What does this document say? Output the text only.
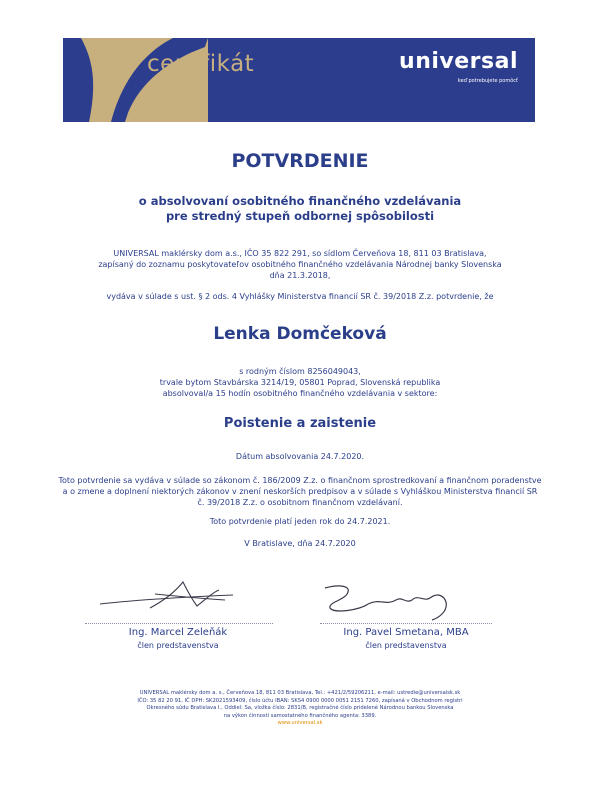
certifikát	universal
keď potrebujete pomôcť
POTVRDENIE
o absolvovaní osobitného finančného vzdelávania
pre stredný stupeň odbornej spôsobilosti
UNIVERSAL maklérsky dom a.s., IČO 35 822 291, so sídlom Červeňova 18, 811 03 Bratislava,
zapísaný do zoznamu poskytovateľov osobitného finančného vzdelávania Národnej banky Slovenska
dňa 21.3.2018,
vydáva v súlade s ust. § 2 ods. 4 Vyhlášky Ministerstva financií SR č. 39/2018 Z.z. potvrdenie, že
Lenka Domčeková
s rodným číslom 8256049043,
trvale bytom Stavbárska 3214/19, 05801 Poprad, Slovenská republika
absolvoval/a 15 hodín osobitného finančného vzdelávania v sektore:
Poistenie a zaistenie
Dátum absolvovania 24.7.2020.
Toto potvrdenie sa vydáva v súlade so zákonom č. 186/2009 Z.z. o finančnom sprostredkovaní a finančnom poradenstve
a o zmene a doplnení niektorých zákonov v znení neskorších predpisov a v súlade s Vyhláškou Ministerstva financií SR
č. 39/2018 Z.z. o osobitnom finančnom vzdelávaní.
Toto potvrdenie platí jeden rok do 24.7.2021.
V Bratislave, dňa 24.7.2020
Ing. Marcel Zeleňák
člen predstavenstva
Ing. Pavel Smetana, MBA
člen predstavenstva
UNIVERSAL maklérsky dom a. s., Červeňova 18, 811 03 Bratislava, Tel.: +421/2/59206211, e-mail: ustredie@universalsk.sk
IČO: 35 82 20 91, IČ DPH: SK2021593409, číslo účtu IBAN: SKS4 0900 0000 0051 2151 7260, zapísaná v Obchodnom registri
Okresného súdu Bratislava I., Oddiel: Sa, vložka číslo: 2831/B, registračné číslo pridelené Národnou bankou Slovenska
na výkon činnosti samostatného finančného agenta: 3389.
www.universal.sk
